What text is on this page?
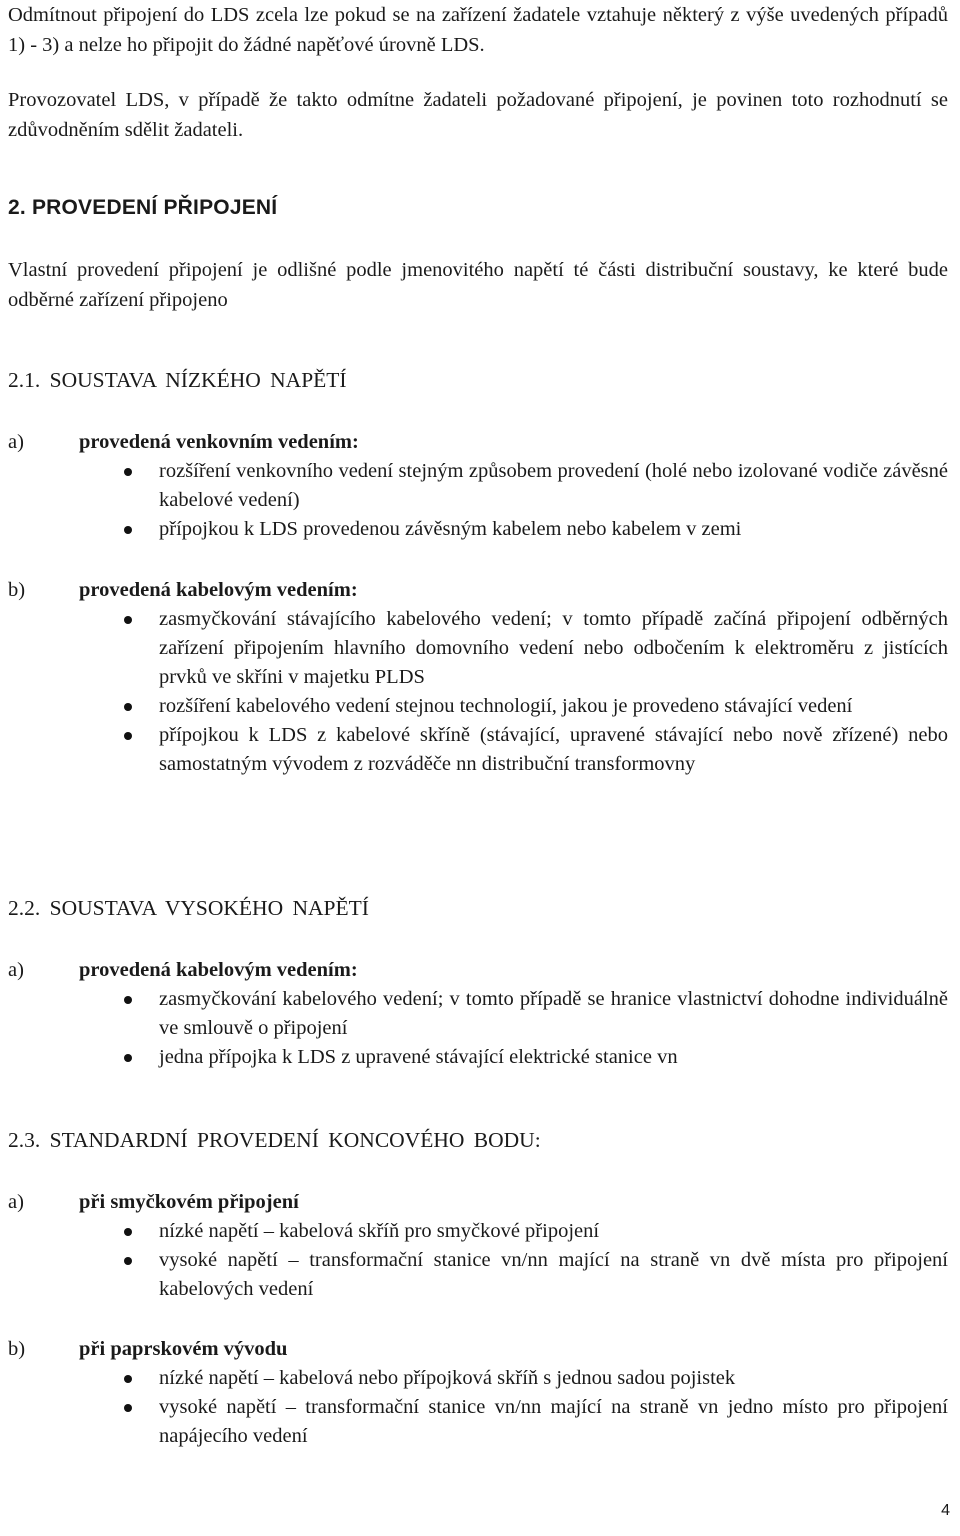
Odmítnout připojení do LDS zcela lze pokud se na zařízení žadatele vztahuje některý z výše uvedených případů 1) - 3) a nelze ho připojit do žádné napěťové úrovně LDS.

Provozovatel LDS, v případě že takto odmítne žadateli požadované připojení, je povinen toto rozhodnutí se zdůvodněním sdělit žadateli.

2. PROVEDENÍ PŘIPOJENÍ

Vlastní provedení připojení je odlišné podle jmenovitého napětí té části distribuční soustavy, ke které bude odběrné zařízení připojeno

2.1. SOUSTAVA NÍZKÉHO NAPĚTÍ
a)	provedená venkovním vedením:
rozšíření venkovního vedení stejným způsobem provedení (holé nebo izolované vodiče závěsné kabelové vedení)
přípojkou k LDS provedenou závěsným kabelem nebo kabelem v zemi
b)	provedená kabelovým vedením:
zasmyčkování stávajícího kabelového vedení; v tomto případě začíná připojení odběrných zařízení připojením hlavního domovního vedení nebo odbočením k elektroměru z jistících prvků ve skříni v majetku PLDS
rozšíření kabelového vedení stejnou technologií, jakou je provedeno stávající vedení
přípojkou k LDS z kabelové skříně (stávající, upravené stávající nebo nově zřízené) nebo samostatným vývodem z rozváděče nn distribuční transformovny
2.2. SOUSTAVA VYSOKÉHO NAPĚTÍ
a)	provedená kabelovým vedením:
zasmyčkování kabelového vedení; v tomto případě se hranice vlastnictví dohodne individuálně ve smlouvě o připojení
jedna přípojka k LDS z upravené stávající elektrické stanice vn
2.3. STANDARDNÍ PROVEDENÍ KONCOVÉHO BODU:
a)	při smyčkovém připojení
nízké napětí – kabelová skříň pro smyčkové připojení
vysoké napětí – transformační stanice vn/nn mající na straně vn dvě místa pro připojení kabelových vedení
b)	při paprskovém vývodu
nízké napětí – kabelová nebo přípojková skříň s jednou sadou pojistek
vysoké napětí – transformační stanice vn/nn mající na straně vn jedno místo pro připojení napájecího vedení
4
